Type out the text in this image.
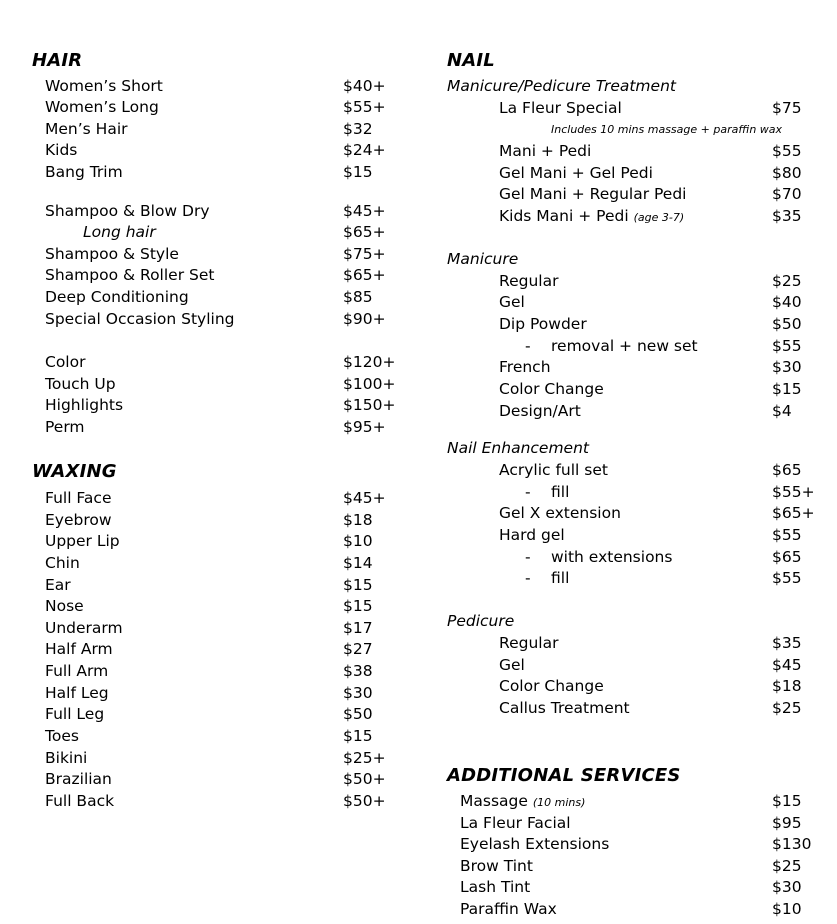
HAIR
Women’s Short	$40+
Women’s Long	$55+
Men’s Hair	$32
Kids	$24+
Bang Trim	$15
Shampoo & Blow Dry	$45+
Long hair	$65+
Shampoo & Style	$75+
Shampoo & Roller Set	$65+
Deep Conditioning	$85
Special Occasion Styling	$90+
Color	$120+
Touch Up	$100+
Highlights	$150+
Perm	$95+
WAXING
Full Face	$45+
Eyebrow	$18
Upper Lip	$10
Chin	$14
Ear	$15
Nose	$15
Underarm	$17
Half Arm	$27
Full Arm	$38
Half Leg	$30
Full Leg	$50
Toes	$15
Bikini	$25+
Brazilian	$50+
Full Back	$50+
NAIL
Manicure/Pedicure Treatment
La Fleur Special	$75
Includes 10 mins massage + paraffin wax
Mani + Pedi	$55
Gel Mani + Gel Pedi	$80
Gel Mani + Regular Pedi	$70
Kids Mani + Pedi (age 3-7)	$35
Manicure
Regular	$25
Gel	$40
Dip Powder	$50
- removal + new set	$55
French	$30
Color Change	$15
Design/Art	$4
Nail Enhancement
Acrylic full set	$65
- fill	$55+
Gel X extension	$65+
Hard gel	$55
- with extensions	$65
- fill	$55
Pedicure
Regular	$35
Gel	$45
Color Change	$18
Callus Treatment	$25
ADDITIONAL SERVICES
Massage (10 mins)	$15
La Fleur Facial	$95
Eyelash Extensions	$130
Brow Tint	$25
Lash Tint	$30
Paraffin Wax	$10
